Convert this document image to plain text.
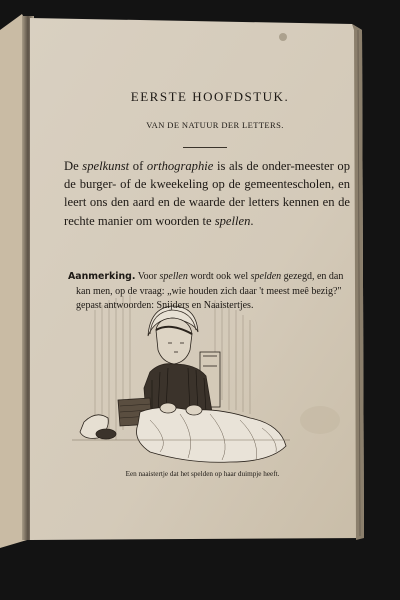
EERSTE HOOFDSTUK.
VAN DE NATUUR DER LETTERS.
De spelkunst of orthographie is als de onder-meester op de burger- of de kweekeling op de gemeentescholen, en leert ons den aard en de waarde der letters kennen en de rechte manier om woorden te spellen.
Aanmerking. Voor spellen wordt ook wel spelden gezegd, en dan kan men, op de vraag: „wie houden zich daar 't meest meê bezig?" gepast antwoorden: Snijders en Naaistertjes.
Een naaistertje dat het spelden op haar duimpje heeft.
